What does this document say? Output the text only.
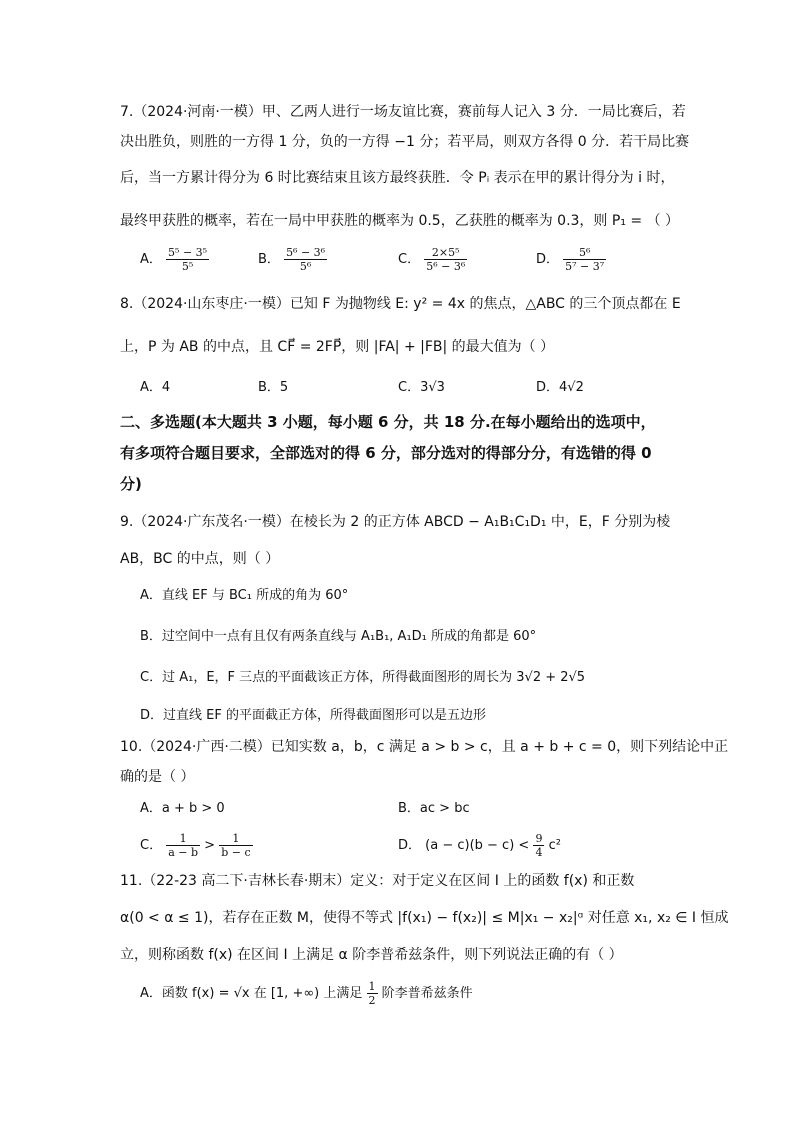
7.（2024·河南·一模）甲、乙两人进行一场友谊比赛，赛前每人记入 3 分．一局比赛后，若
决出胜负，则胜的一方得 1 分，负的一方得 −1 分；若平局，则双方各得 0 分．若干局比赛
后，当一方累计得分为 6 时比赛结束且该方最终获胜．令 Pᵢ 表示在甲的累计得分为 i 时，
最终甲获胜的概率，若在一局中甲获胜的概率为 0.5，乙获胜的概率为 0.3，则 P₁ = （ ）
A． $\frac{\text{5⁵ − 3⁵}}{\text{5⁵}}$	B． $\frac{\text{5⁶ − 3⁶}}{\text{5⁶}}$	C． $\frac{\text{2×5⁵}}{\text{5⁶ − 3⁶}}$	D． $\frac{\text{5⁶}}{\text{5⁷ − 3⁷}}$
8.（2024·山东枣庄·一模）已知 F 为抛物线 E: y² = 4x 的焦点，△ABC 的三个顶点都在 E
上，P 为 AB 的中点，且 CF⃗ = 2FP⃗，则 |FA| + |FB| 的最大值为（ ）
A．4	B．5	C．3√3	D．4√2
二、多选题(本大题共 3 小题，每小题 6 分，共 18 分.在每小题给出的选项中，
有多项符合题目要求，全部选对的得 6 分，部分选对的得部分分，有选错的得 0
分)
9.（2024·广东茂名·一模）在棱长为 2 的正方体 ABCD − A₁B₁C₁D₁ 中，E，F 分别为棱
AB，BC 的中点，则（ ）
A．直线 EF 与 BC₁ 所成的角为 60°
B．过空间中一点有且仅有两条直线与 A₁B₁, A₁D₁ 所成的角都是 60°
C．过 A₁，E，F 三点的平面截该正方体，所得截面图形的周长为 3√2 + 2√5
D．过直线 EF 的平面截正方体，所得截面图形可以是五边形
10.（2024·广西·二模）已知实数 a，b，c 满足 a > b > c，且 a + b + c = 0，则下列结论中正
确的是（ ）
A．a + b > 0	B．ac > bc
C． $\frac{1}{a - b} > \frac{1}{b - c}$	D． $(a - c)(b - c) < \frac{9}{4} c^2$
11.（22-23 高二下·吉林长春·期末）定义：对于定义在区间 I 上的函数 f(x) 和正数
α(0 < α ≤ 1)，若存在正数 M，使得不等式 |f(x₁) − f(x₂)| ≤ M|x₁ − x₂|ᵅ 对任意 x₁, x₂ ∈ I 恒成
立，则称函数 f(x) 在区间 I 上满足 α 阶李普希兹条件，则下列说法正确的有（ ）
A．函数 f(x) = √x 在 [1, +∞) 上满足 $\frac{1}{2}$ 阶李普希兹条件
